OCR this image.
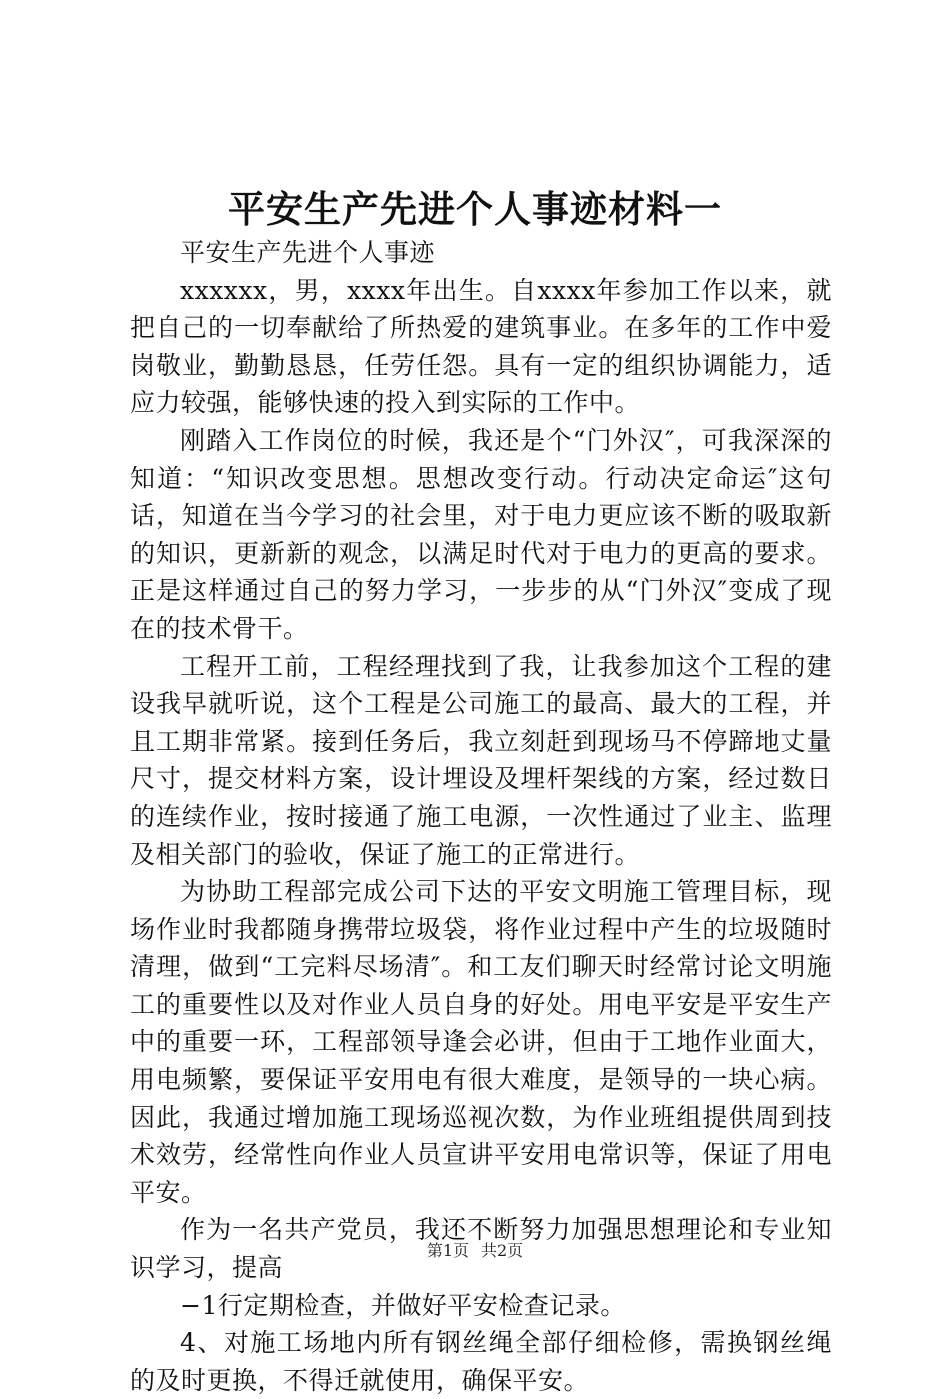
平安生产先进个人事迹材料一

平安生产先进个人事迹

xxxxxx，男，xxxx年出生。自xxxx年参加工作以来，就把自己的一切奉献给了所热爱的建筑事业。在多年的工作中爱岗敬业，勤勤恳恳，任劳任怨。具有一定的组织协调能力，适应力较强，能够快速的投入到实际的工作中。

刚踏入工作岗位的时候，我还是个“门外汉″，可我深深的知道：“知识改变思想。思想改变行动。行动决定命运″这句话，知道在当今学习的社会里，对于电力更应该不断的吸取新的知识，更新新的观念，以满足时代对于电力的更高的要求。正是这样通过自己的努力学习，一步步的从“门外汉″变成了现在的技术骨干。

工程开工前，工程经理找到了我，让我参加这个工程的建设我早就听说，这个工程是公司施工的最高、最大的工程，并且工期非常紧。接到任务后，我立刻赶到现场马不停蹄地丈量尺寸，提交材料方案，设计埋设及埋杆架线的方案，经过数日的连续作业，按时接通了施工电源，一次性通过了业主、监理及相关部门的验收，保证了施工的正常进行。

为协助工程部完成公司下达的平安文明施工管理目标，现场作业时我都随身携带垃圾袋，将作业过程中产生的垃圾随时清理，做到“工完料尽场清″。和工友们聊天时经常讨论文明施工的重要性以及对作业人员自身的好处。用电平安是平安生产中的重要一环，工程部领导逢会必讲，但由于工地作业面大，用电频繁，要保证平安用电有很大难度，是领导的一块心病。因此，我通过增加施工现场巡视次数，为作业班组提供周到技术效劳，经常性向作业人员宣讲平安用电常识等，保证了用电平安。

作为一名共产党员，我还不断努力加强思想理论和专业知识学习，提高

−1行定期检查，并做好平安检查记录。

4、对施工场地内所有钢丝绳全部仔细检修，需换钢丝绳的及时更换，不得迁就使用，确保平安。

第1页 共2页
